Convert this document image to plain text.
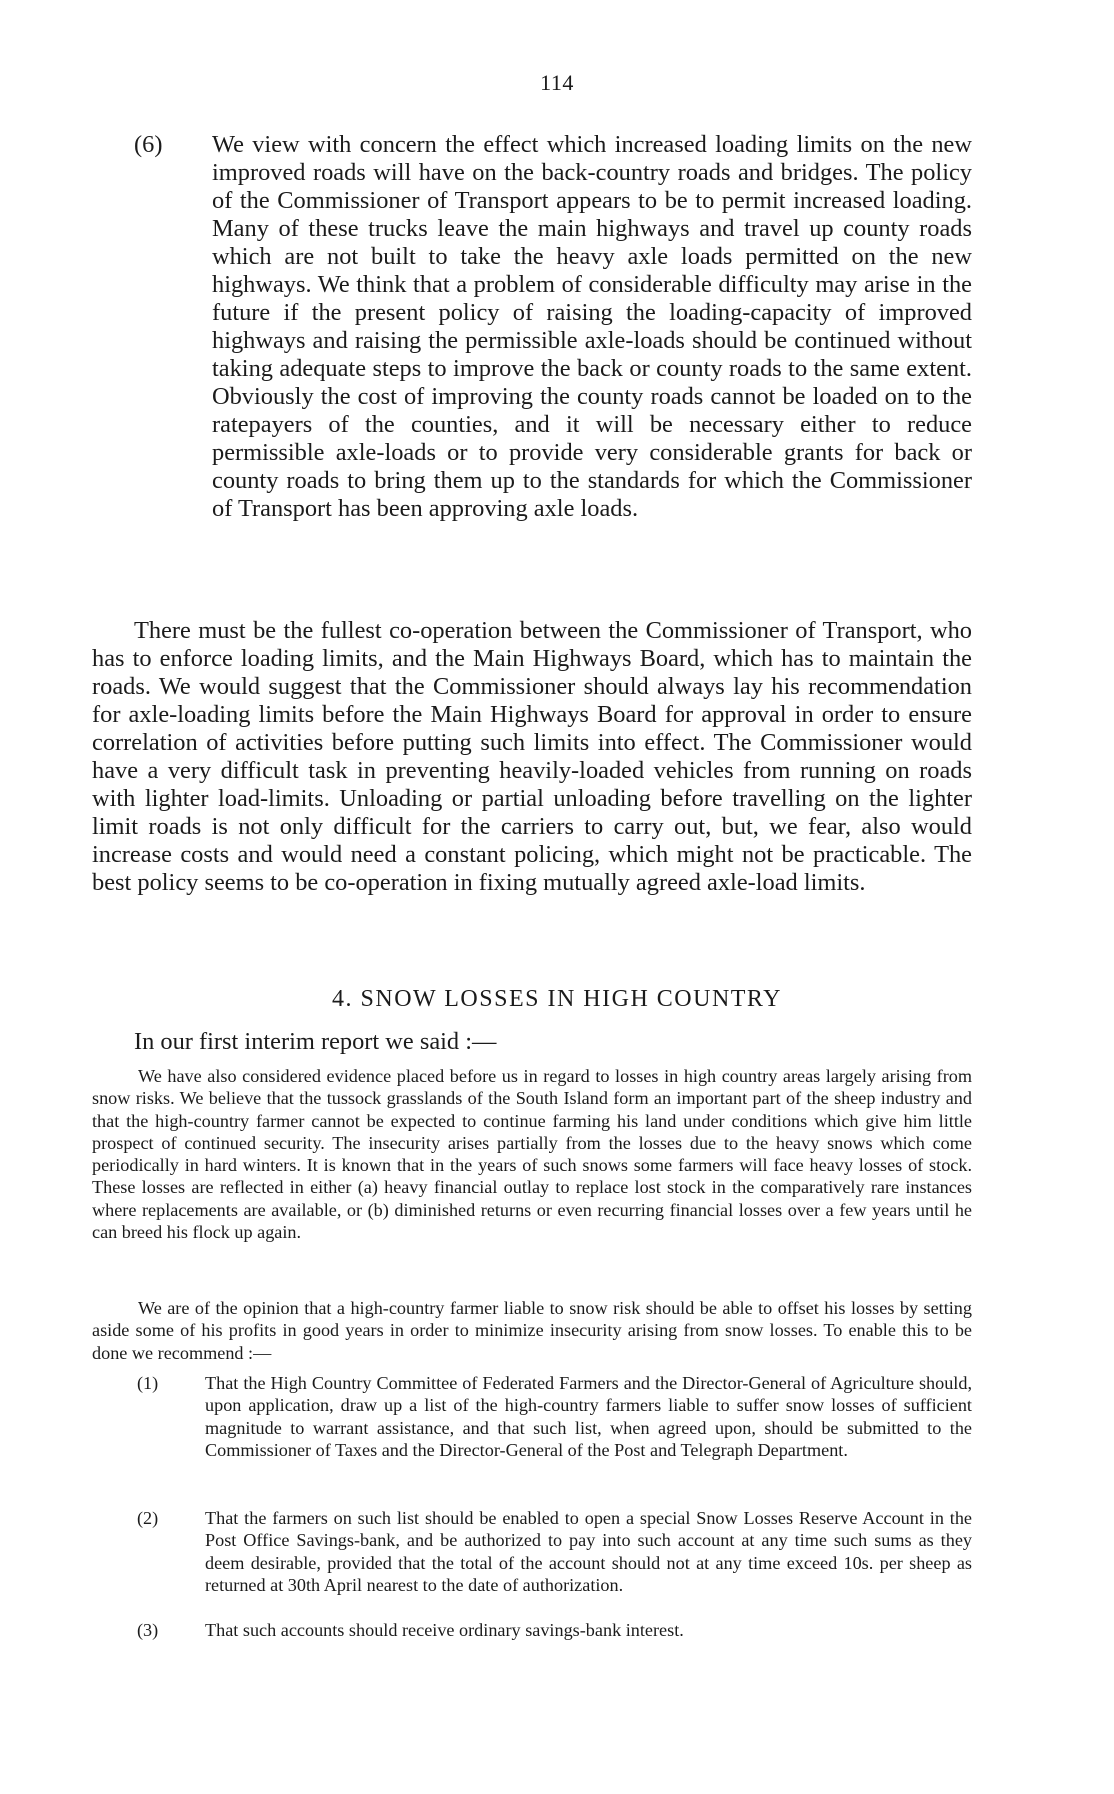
114
(6) We view with concern the effect which increased loading limits on the new improved roads will have on the back-country roads and bridges. The policy of the Commissioner of Transport appears to be to permit increased loading. Many of these trucks leave the main highways and travel up county roads which are not built to take the heavy axle loads permitted on the new highways. We think that a problem of considerable difficulty may arise in the future if the present policy of raising the loading-capacity of improved highways and raising the permissible axle-loads should be continued without taking adequate steps to improve the back or county roads to the same extent. Obviously the cost of improving the county roads cannot be loaded on to the ratepayers of the counties, and it will be necessary either to reduce permissible axle-loads or to provide very considerable grants for back or county roads to bring them up to the standards for which the Commissioner of Transport has been approving axle loads.
There must be the fullest co-operation between the Commissioner of Transport, who has to enforce loading limits, and the Main Highways Board, which has to maintain the roads. We would suggest that the Commissioner should always lay his recommendation for axle-loading limits before the Main Highways Board for approval in order to ensure correlation of activities before putting such limits into effect. The Commissioner would have a very difficult task in preventing heavily-loaded vehicles from running on roads with lighter load-limits. Unloading or partial unloading before travelling on the lighter limit roads is not only difficult for the carriers to carry out, but, we fear, also would increase costs and would need a constant policing, which might not be practicable. The best policy seems to be co-operation in fixing mutually agreed axle-load limits.
4. SNOW LOSSES IN HIGH COUNTRY
In our first interim report we said :—
We have also considered evidence placed before us in regard to losses in high country areas largely arising from snow risks. We believe that the tussock grasslands of the South Island form an important part of the sheep industry and that the high-country farmer cannot be expected to continue farming his land under conditions which give him little prospect of continued security. The insecurity arises partially from the losses due to the heavy snows which come periodically in hard winters. It is known that in the years of such snows some farmers will face heavy losses of stock. These losses are reflected in either (a) heavy financial outlay to replace lost stock in the comparatively rare instances where replacements are available, or (b) diminished returns or even recurring financial losses over a few years until he can breed his flock up again.
We are of the opinion that a high-country farmer liable to snow risk should be able to offset his losses by setting aside some of his profits in good years in order to minimize insecurity arising from snow losses. To enable this to be done we recommend :—
(1)	That the High Country Committee of Federated Farmers and the Director-General of Agriculture should, upon application, draw up a list of the high-country farmers liable to suffer snow losses of sufficient magnitude to warrant assistance, and that such list, when agreed upon, should be submitted to the Commissioner of Taxes and the Director-General of the Post and Telegraph Department.
(2)	That the farmers on such list should be enabled to open a special Snow Losses Reserve Account in the Post Office Savings-bank, and be authorized to pay into such account at any time such sums as they deem desirable, provided that the total of the account should not at any time exceed 10s. per sheep as returned at 30th April nearest to the date of authorization.
(3)	That such accounts should receive ordinary savings-bank interest.
